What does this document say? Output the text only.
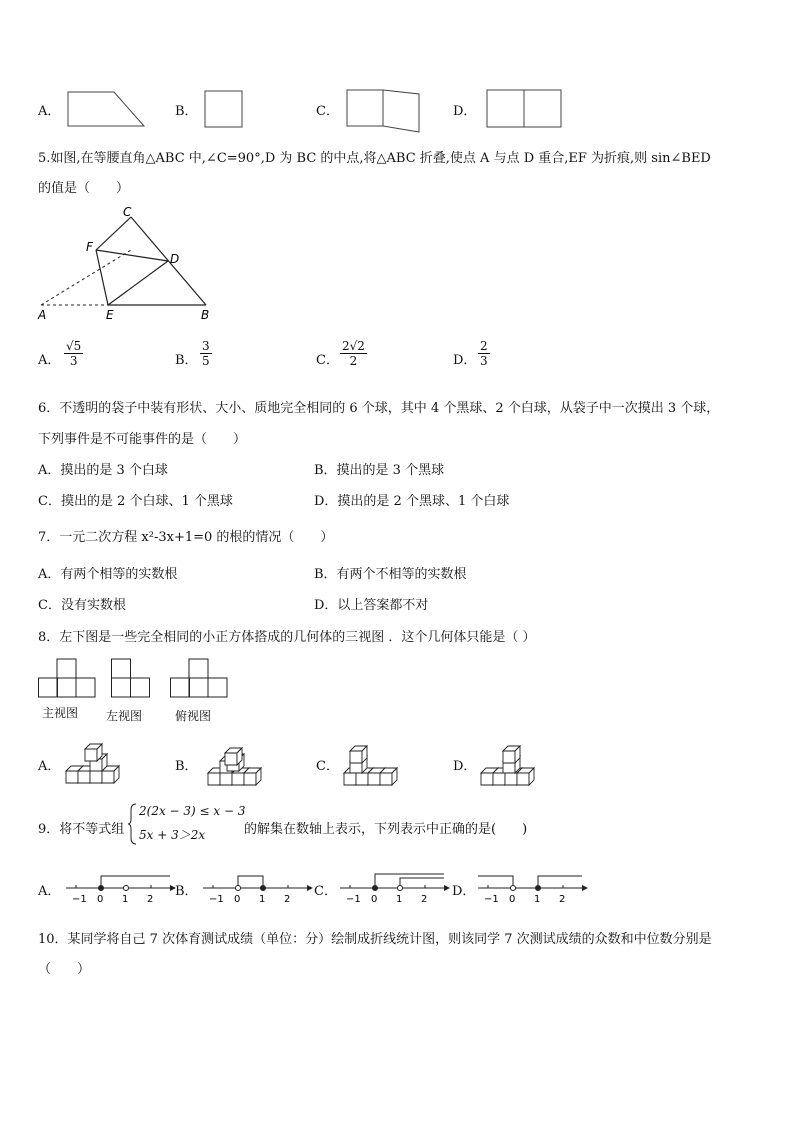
A．	B．	C．	D．
5.如图,在等腰直角△ABC 中,∠C=90°,D 为 BC 的中点,将△ABC 折叠,使点 A 与点 D 重合,EF 为折痕,则 sin∠BED
的值是（　　）
C
F
D
A	E	B
A． $\frac{√5}{3}$	B． $\frac{3}{5}$	C． $\frac{2√2}{2}$	D． $\frac{2}{3}$
6．不透明的袋子中装有形状、大小、质地完全相同的 6 个球，其中 4 个黑球、2 个白球，从袋子中一次摸出 3 个球，
下列事件是不可能事件的是（　　）
A．摸出的是 3 个白球	B．摸出的是 3 个黑球
C．摸出的是 2 个白球、1 个黑球	D．摸出的是 2 个黑球、1 个白球
7．一元二次方程 x²-3x+1=0 的根的情况（　　）
A．有两个相等的实数根	B．有两个不相等的实数根
C．没有实数根	D．以上答案都不对
8．左下图是一些完全相同的小正方体搭成的几何体的三视图 ．这个几何体只能是（ ）
主视图 左视图	俯视图
A．	B．	C．	D．
9．将不等式组
2(2x − 3) ≤ x − 3
5x + 3＞2x	的解集在数轴上表示，下列表示中正确的是(　　)
A．
−1 0 1 2
B．
−1 0 1 2
C．
−1 0 1 2
D．
−1 0 1 2
10．某同学将自己 7 次体育测试成绩（单位：分）绘制成折线统计图，则该同学 7 次测试成绩的众数和中位数分别是
（　　）
